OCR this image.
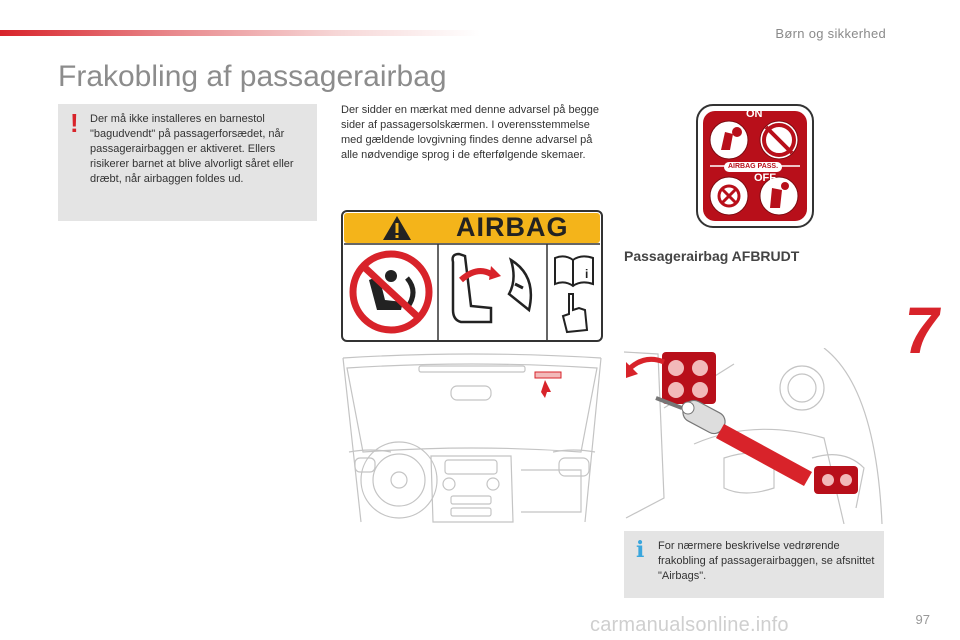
Børn og sikkerhed
7
Frakobling af passagerairbag
! Der må ikke installeres en barnestol "bagudvendt" på passagerforsædet, når passagerairbaggen er aktiveret. Ellers risikerer barnet at blive alvorligt såret eller dræbt, når airbaggen foldes ud.
Der sidder en mærkat med denne advarsel på begge sider af passagersolskærmen. I overensstemmelse med gældende lovgivning findes denne advarsel på alle nødvendige sprog i de efterfølgende skemaer.
ON
AIRBAG PASS.
OFF
i
AIRBAG
Passagerairbag AFBRUDT
i For nærmere beskrivelse vedrørende frakobling af passagerairbaggen, se afsnittet "Airbags".
97
carmanualsonline.info
